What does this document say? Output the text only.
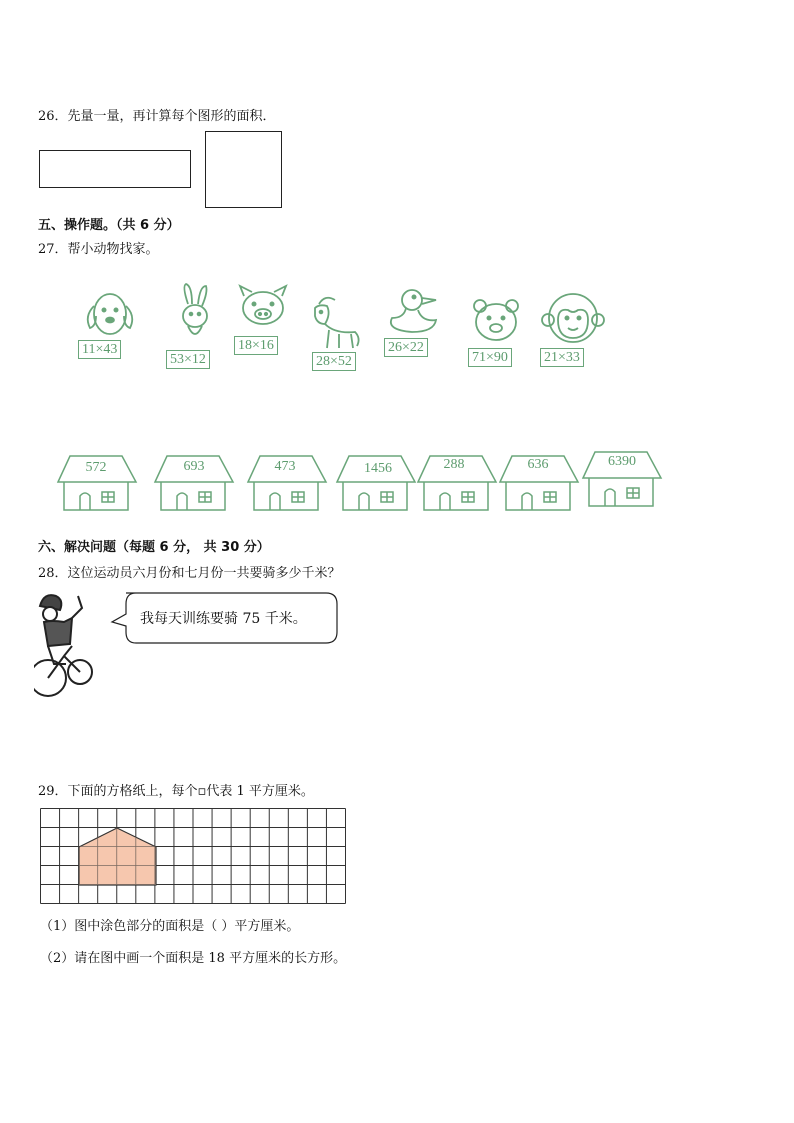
26．先量一量，再计算每个图形的面积．
五、操作题。（共 6 分）
27．帮小动物找家。
11×43
53×12
18×16
28×52
26×22
71×90	21×33
572	693	473	1456	288	636	6390
六、解决问题（每题 6 分， 共 30 分）
28．这位运动员六月份和七月份一共要骑多少千米？
我每天训练要骑 75 千米。
29．下面的方格纸上，每个▫代表 1 平方厘米。
（1）图中涂色部分的面积是（ ）平方厘米。
（2）请在图中画一个面积是 18 平方厘米的长方形。
